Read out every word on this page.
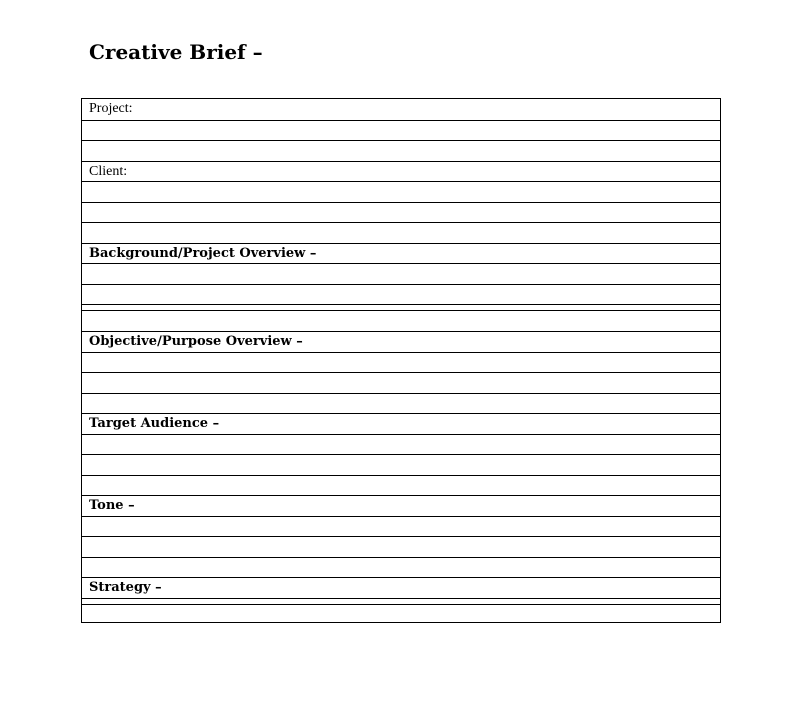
Creative Brief –
Project:
Client:
Background/Project Overview –
Objective/Purpose Overview –
Target Audience –
Tone –
Strategy –
